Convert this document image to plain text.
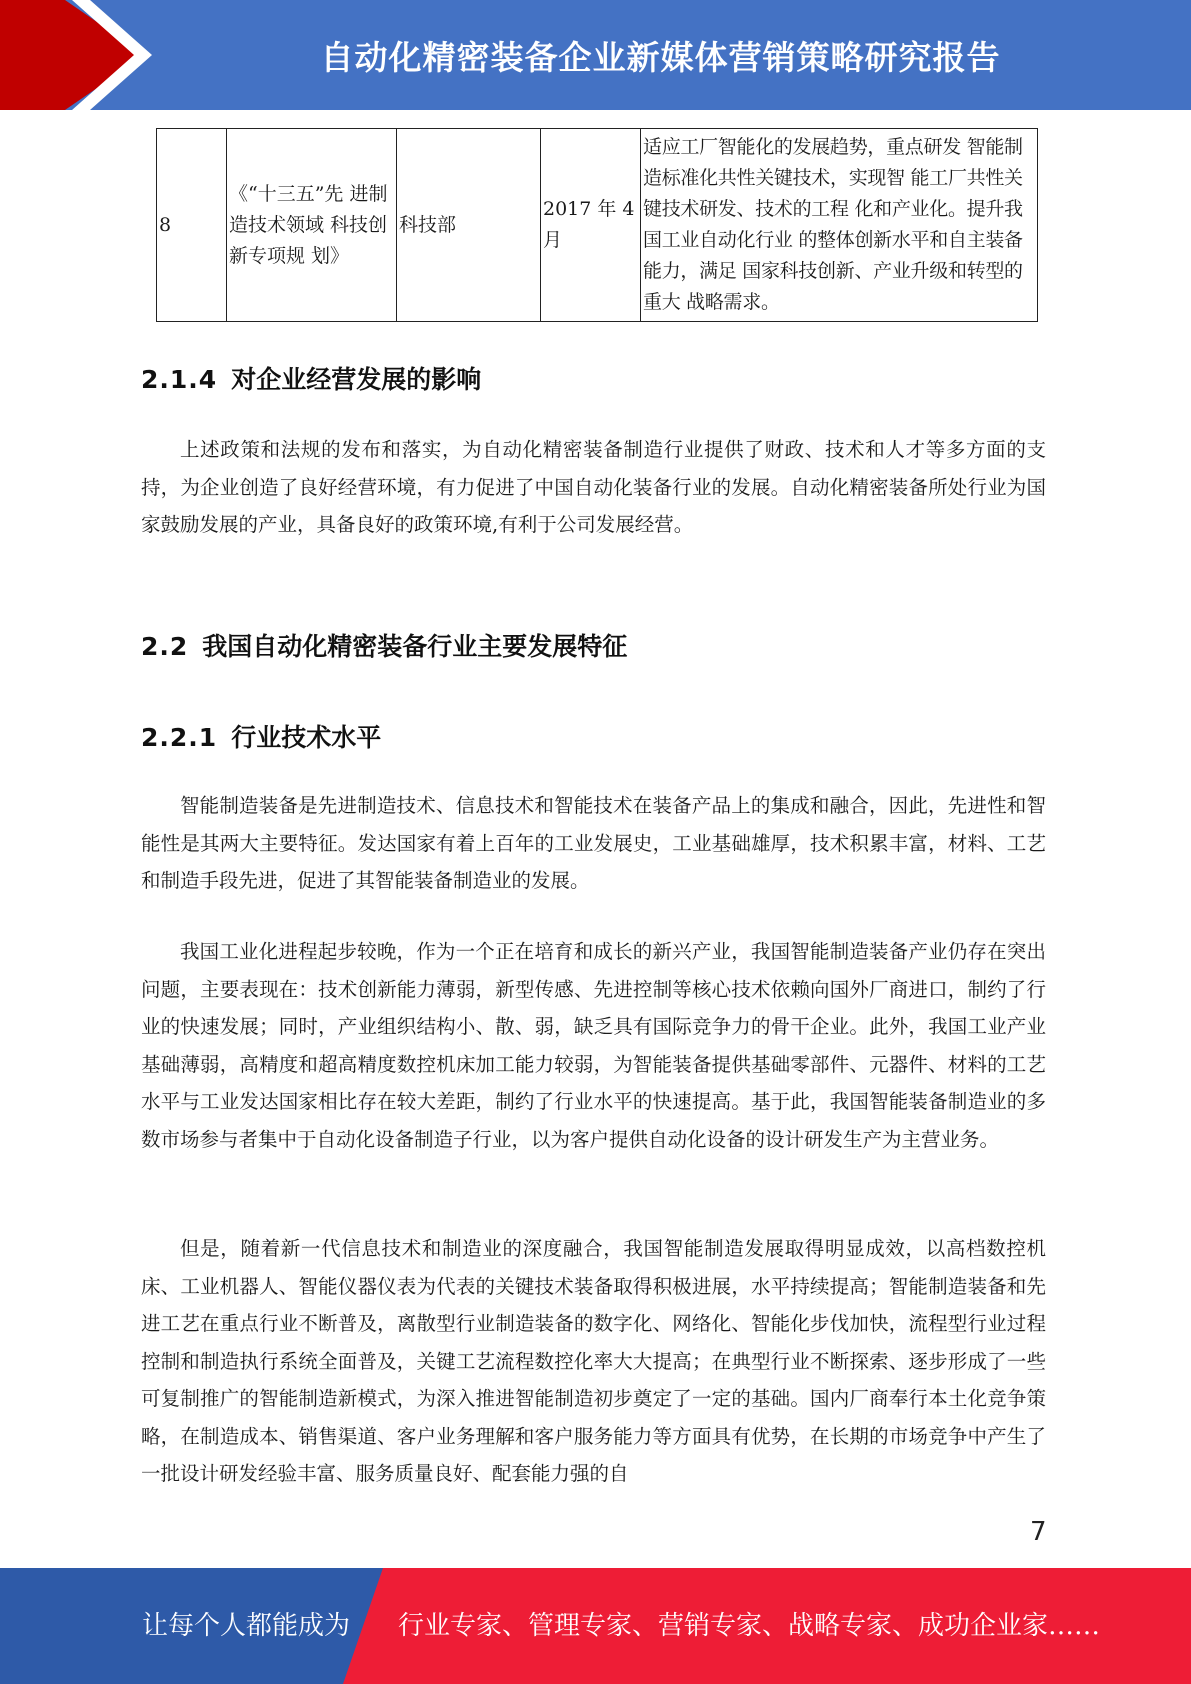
自动化精密装备企业新媒体营销策略研究报告
8	《“十三五”先 进制造技术领域 科技创新专项规 划》	科技部	2017 年 4 月	适应工厂智能化的发展趋势，重点研发 智能制造标准化共性关键技术，实现智 能工厂共性关键技术研发、技术的工程 化和产业化。提升我国工业自动化行业 的整体创新水平和自主装备能力，满足 国家科技创新、产业升级和转型的重大 战略需求。
2.1.4 对企业经营发展的影响

上述政策和法规的发布和落实，为自动化精密装备制造行业提供了财政、技术和人才等多方面的支持，为企业创造了良好经营环境，有力促进了中国自动化装备行业的发展。自动化精密装备所处行业为国家鼓励发展的产业，具备良好的政策环境,有利于公司发展经营。

2.2 我国自动化精密装备行业主要发展特征
2.2.1 行业技术水平

智能制造装备是先进制造技术、信息技术和智能技术在装备产品上的集成和融合，因此，先进性和智能性是其两大主要特征。发达国家有着上百年的工业发展史，工业基础雄厚，技术积累丰富，材料、工艺和制造手段先进，促进了其智能装备制造业的发展。

我国工业化进程起步较晚，作为一个正在培育和成长的新兴产业，我国智能制造装备产业仍存在突出问题，主要表现在：技术创新能力薄弱，新型传感、先进控制等核心技术依赖向国外厂商进口，制约了行业的快速发展；同时，产业组织结构小、散、弱，缺乏具有国际竞争力的骨干企业。此外，我国工业产业基础薄弱，高精度和超高精度数控机床加工能力较弱，为智能装备提供基础零部件、元器件、材料的工艺水平与工业发达国家相比存在较大差距，制约了行业水平的快速提高。基于此，我国智能装备制造业的多数市场参与者集中于自动化设备制造子行业，以为客户提供自动化设备的设计研发生产为主营业务。

但是，随着新一代信息技术和制造业的深度融合，我国智能制造发展取得明显成效，以高档数控机床、工业机器人、智能仪器仪表为代表的关键技术装备取得积极进展，水平持续提高；智能制造装备和先进工艺在重点行业不断普及，离散型行业制造装备的数字化、网络化、智能化步伐加快，流程型行业过程控制和制造执行系统全面普及，关键工艺流程数控化率大大提高；在典型行业不断探索、逐步形成了一些可复制推广的智能制造新模式，为深入推进智能制造初步奠定了一定的基础。国内厂商奉行本土化竞争策略，在制造成本、销售渠道、客户业务理解和客户服务能力等方面具有优势，在长期的市场竞争中产生了一批设计研发经验丰富、服务质量良好、配套能力强的自

7
让每个人都能成为 行业专家、管理专家、营销专家、战略专家、成功企业家……
